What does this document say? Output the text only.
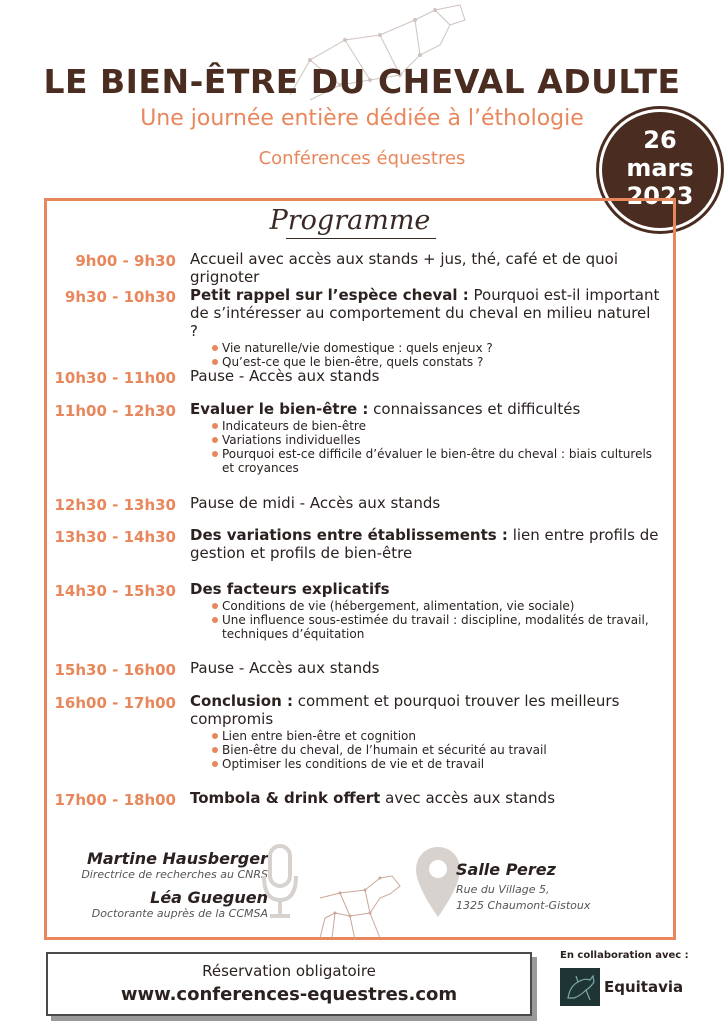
LE BIEN-ÊTRE DU CHEVAL ADULTE
Une journée entière dédiée à l’éthologie
Conférences équestres
26
mars
2023
Programme
9h00 - 9h30 Accueil avec accès aux stands + jus, thé, café et de quoi grignoter
9h30 - 10h30 Petit rappel sur l’espèce cheval : Pourquoi est-il important de s’intéresser au comportement du cheval en milieu naturel ?
Vie naturelle/vie domestique : quels enjeux ?
Qu’est-ce que le bien-être, quels constats ?
10h30 - 11h00 Pause - Accès aux stands
11h00 - 12h30 Evaluer le bien-être : connaissances et difficultés
Indicateurs de bien-être
Variations individuelles
Pourquoi est-ce difficile d’évaluer le bien-être du cheval : biais culturels et croyances
12h30 - 13h30 Pause de midi - Accès aux stands
13h30 - 14h30 Des variations entre établissements : lien entre profils de gestion et profils de bien-être
14h30 - 15h30 Des facteurs explicatifs
Conditions de vie (hébergement, alimentation, vie sociale)
Une influence sous-estimée du travail : discipline, modalités de travail, techniques d’équitation
15h30 - 16h00 Pause - Accès aux stands
16h00 - 17h00 Conclusion : comment et pourquoi trouver les meilleurs compromis
Lien entre bien-être et cognition
Bien-être du cheval, de l’humain et sécurité au travail
Optimiser les conditions de vie et de travail
17h00 - 18h00 Tombola & drink offert avec accès aux stands
Martine Hausberger
Directrice de recherches au CNRS
Léa Gueguen
Doctorante auprès de la CCMSA
Salle Perez
Rue du Village 5,
1325 Chaumont-Gistoux
Réservation obligatoire
www.conferences-equestres.com
En collaboration avec :
Equitavia
